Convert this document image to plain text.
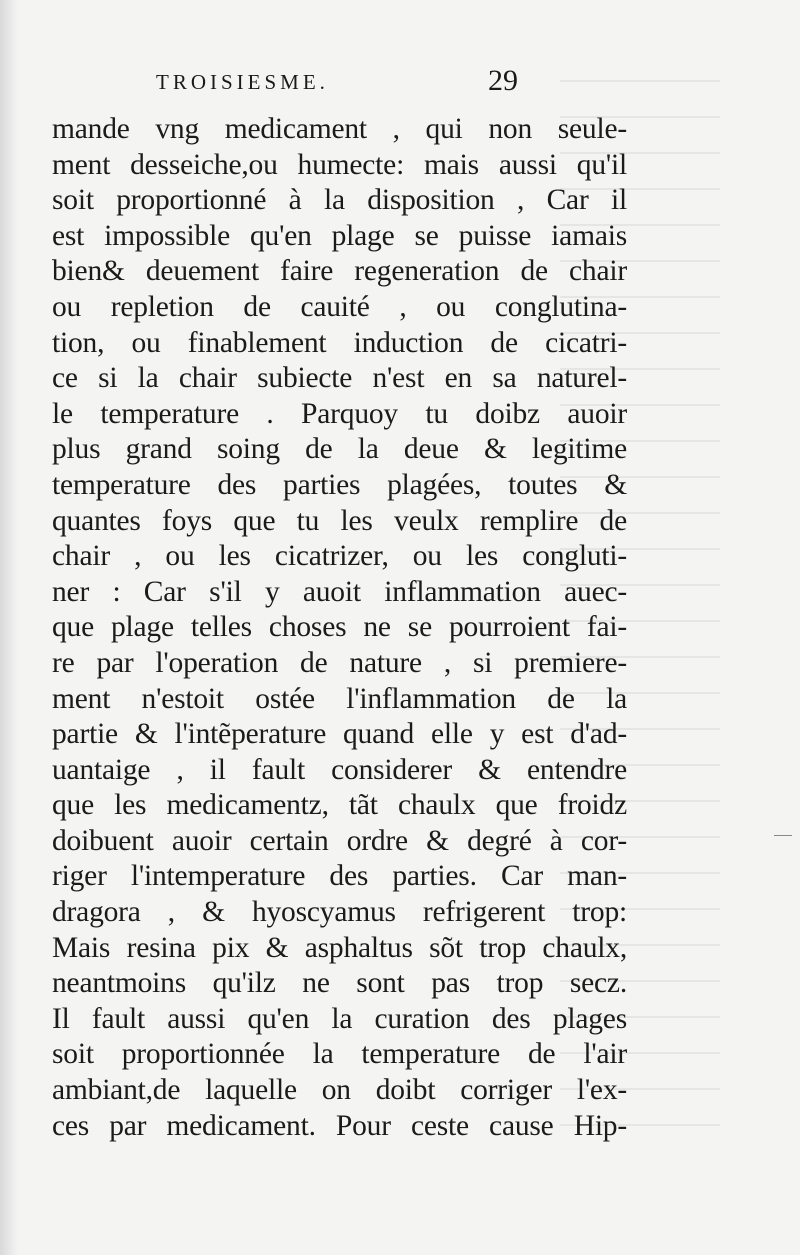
TROISIESME.	29
mande vng medicament , qui non seule-
ment desseiche,ou humecte: mais aussi qu'il
soit proportionné à la disposition , Car il
est impossible qu'en plage se puisse iamais
bien& deuement faire regeneration de chair
ou repletion de cauité , ou conglutina-
tion, ou finablement induction de cicatri-
ce si la chair subiecte n'est en sa naturel-
le temperature . Parquoy tu doibz auoir
plus grand soing de la deue & legitime
temperature des parties plagées, toutes &
quantes foys que tu les veulx remplire de
chair , ou les cicatrizer, ou les congluti-
ner : Car s'il y auoit inflammation auec-
que plage telles choses ne se pourroient fai-
re par l'operation de nature , si premiere-
ment n'estoit ostée l'inflammation de la
partie & l'intẽperature quand elle y est d'ad-
uantaige , il fault considerer & entendre
que les medicamentz, tãt chaulx que froidz
doibuent auoir certain ordre & degré à cor-
riger l'intemperature des parties. Car man-
dragora , & hyoscyamus refrigerent trop:
Mais resina pix & asphaltus sõt trop chaulx,
neantmoins qu'ilz ne sont pas trop secz.
Il fault aussi qu'en la curation des plages
soit proportionnée la temperature de l'air
ambiant,de laquelle on doibt corriger l'ex-
ces par medicament. Pour ceste cause Hip-
